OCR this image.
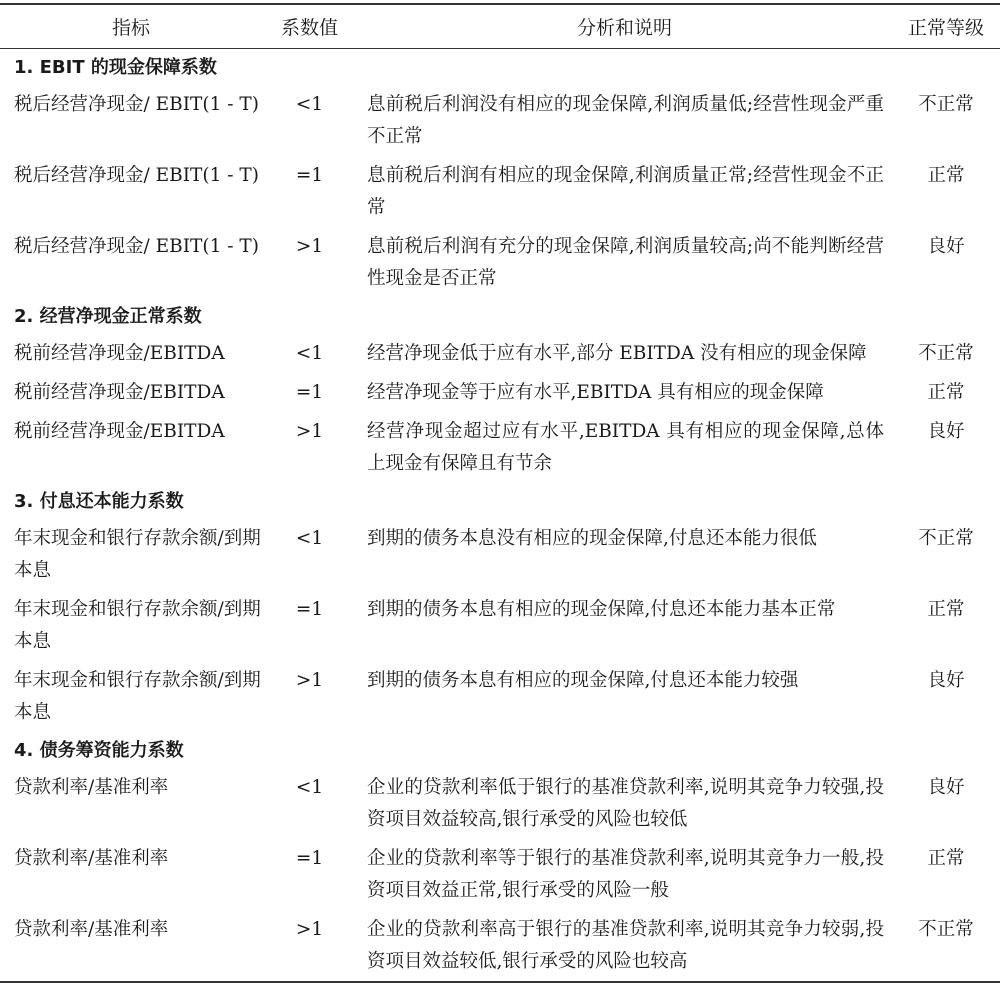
指标	系数值	分析和说明	正常等级
1. EBIT 的现金保障系数			
税后经营净现金/ EBIT(1 - T)	<1	息前税后利润没有相应的现金保障,利润质量低;经营性现金严重不正常	不正常
税后经营净现金/ EBIT(1 - T)	=1	息前税后利润有相应的现金保障,利润质量正常;经营性现金不正常	正常
税后经营净现金/ EBIT(1 - T)	>1	息前税后利润有充分的现金保障,利润质量较高;尚不能判断经营性现金是否正常	良好
2. 经营净现金正常系数			
税前经营净现金/EBITDA	<1	经营净现金低于应有水平,部分 EBITDA 没有相应的现金保障	不正常
税前经营净现金/EBITDA	=1	经营净现金等于应有水平,EBITDA 具有相应的现金保障	正常
税前经营净现金/EBITDA	>1	经营净现金超过应有水平,EBITDA 具有相应的现金保障,总体上现金有保障且有节余	良好
3. 付息还本能力系数			
年末现金和银行存款余额/到期本息	<1	到期的债务本息没有相应的现金保障,付息还本能力很低	不正常
年末现金和银行存款余额/到期本息	=1	到期的债务本息有相应的现金保障,付息还本能力基本正常	正常
年末现金和银行存款余额/到期本息	>1	到期的债务本息有相应的现金保障,付息还本能力较强	良好
4. 债务筹资能力系数			
贷款利率/基准利率	<1	企业的贷款利率低于银行的基准贷款利率,说明其竞争力较强,投资项目效益较高,银行承受的风险也较低	良好
贷款利率/基准利率	=1	企业的贷款利率等于银行的基准贷款利率,说明其竞争力一般,投资项目效益正常,银行承受的风险一般	正常
贷款利率/基准利率	>1	企业的贷款利率高于银行的基准贷款利率,说明其竞争力较弱,投资项目效益较低,银行承受的风险也较高	不正常
